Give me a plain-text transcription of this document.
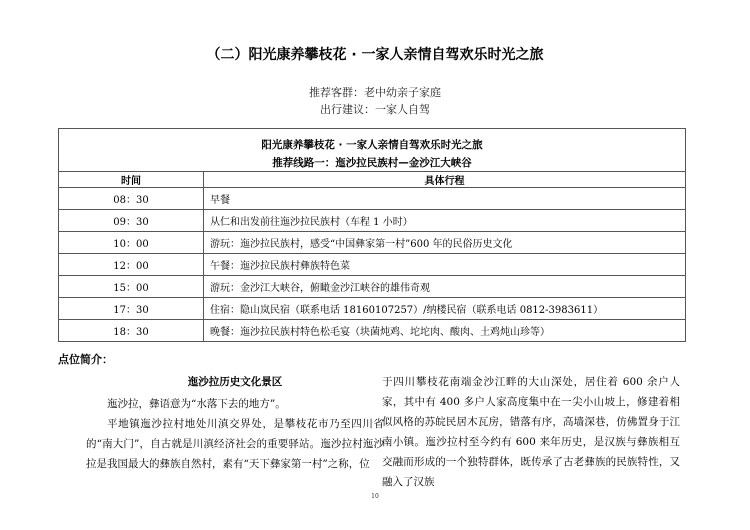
（二）阳光康养攀枝花 · 一家人亲情自驾欢乐时光之旅
推荐客群：老中幼亲子家庭
出行建议：一家人自驾
阳光康养攀枝花 · 一家人亲情自驾欢乐时光之旅	
推荐线路一：迤沙拉民族村—金沙江大峡谷	
时间	具体行程
08：30	早餐
09：30	从仁和出发前往迤沙拉民族村（车程 1 小时）
10：00	游玩：迤沙拉民族村，感受“中国彝家第一村”600 年的民俗历史文化
12：00	午餐：迤沙拉民族村彝族特色菜
15：00	游玩：金沙江大峡谷，俯瞰金沙江峡谷的雄伟奇观
17：30	住宿：隐山岚民宿（联系电话 18160107257）/纳楼民宿（联系电话 0812-3983611）
18：30	晚餐：迤沙拉民族村特色松毛宴（块菌炖鸡、坨坨肉、酸肉、土鸡炖山珍等）
点位简介：

迤沙拉历史文化景区

迤沙拉，彝语意为“水落下去的地方”。

平地镇迤沙拉村地处川滇交界处，是攀枝花市乃至四川省的“南大门”，自古就是川滇经济社会的重要驿站。迤沙拉村迤沙拉是我国最大的彝族自然村，素有“天下彝家第一村”之称，位

于四川攀枝花南端金沙江畔的大山深处，居住着 600 余户人家，其中有 400 多户人家高度集中在一尖小山坡上，修建着相似风格的苏皖民居木瓦房，错落有序，高墙深巷，仿佛置身于江南小镇。迤沙拉村至今约有 600 来年历史，是汉族与彝族相互交融而形成的一个独特群体，既传承了古老彝族的民族特性，又融入了汉族

10
